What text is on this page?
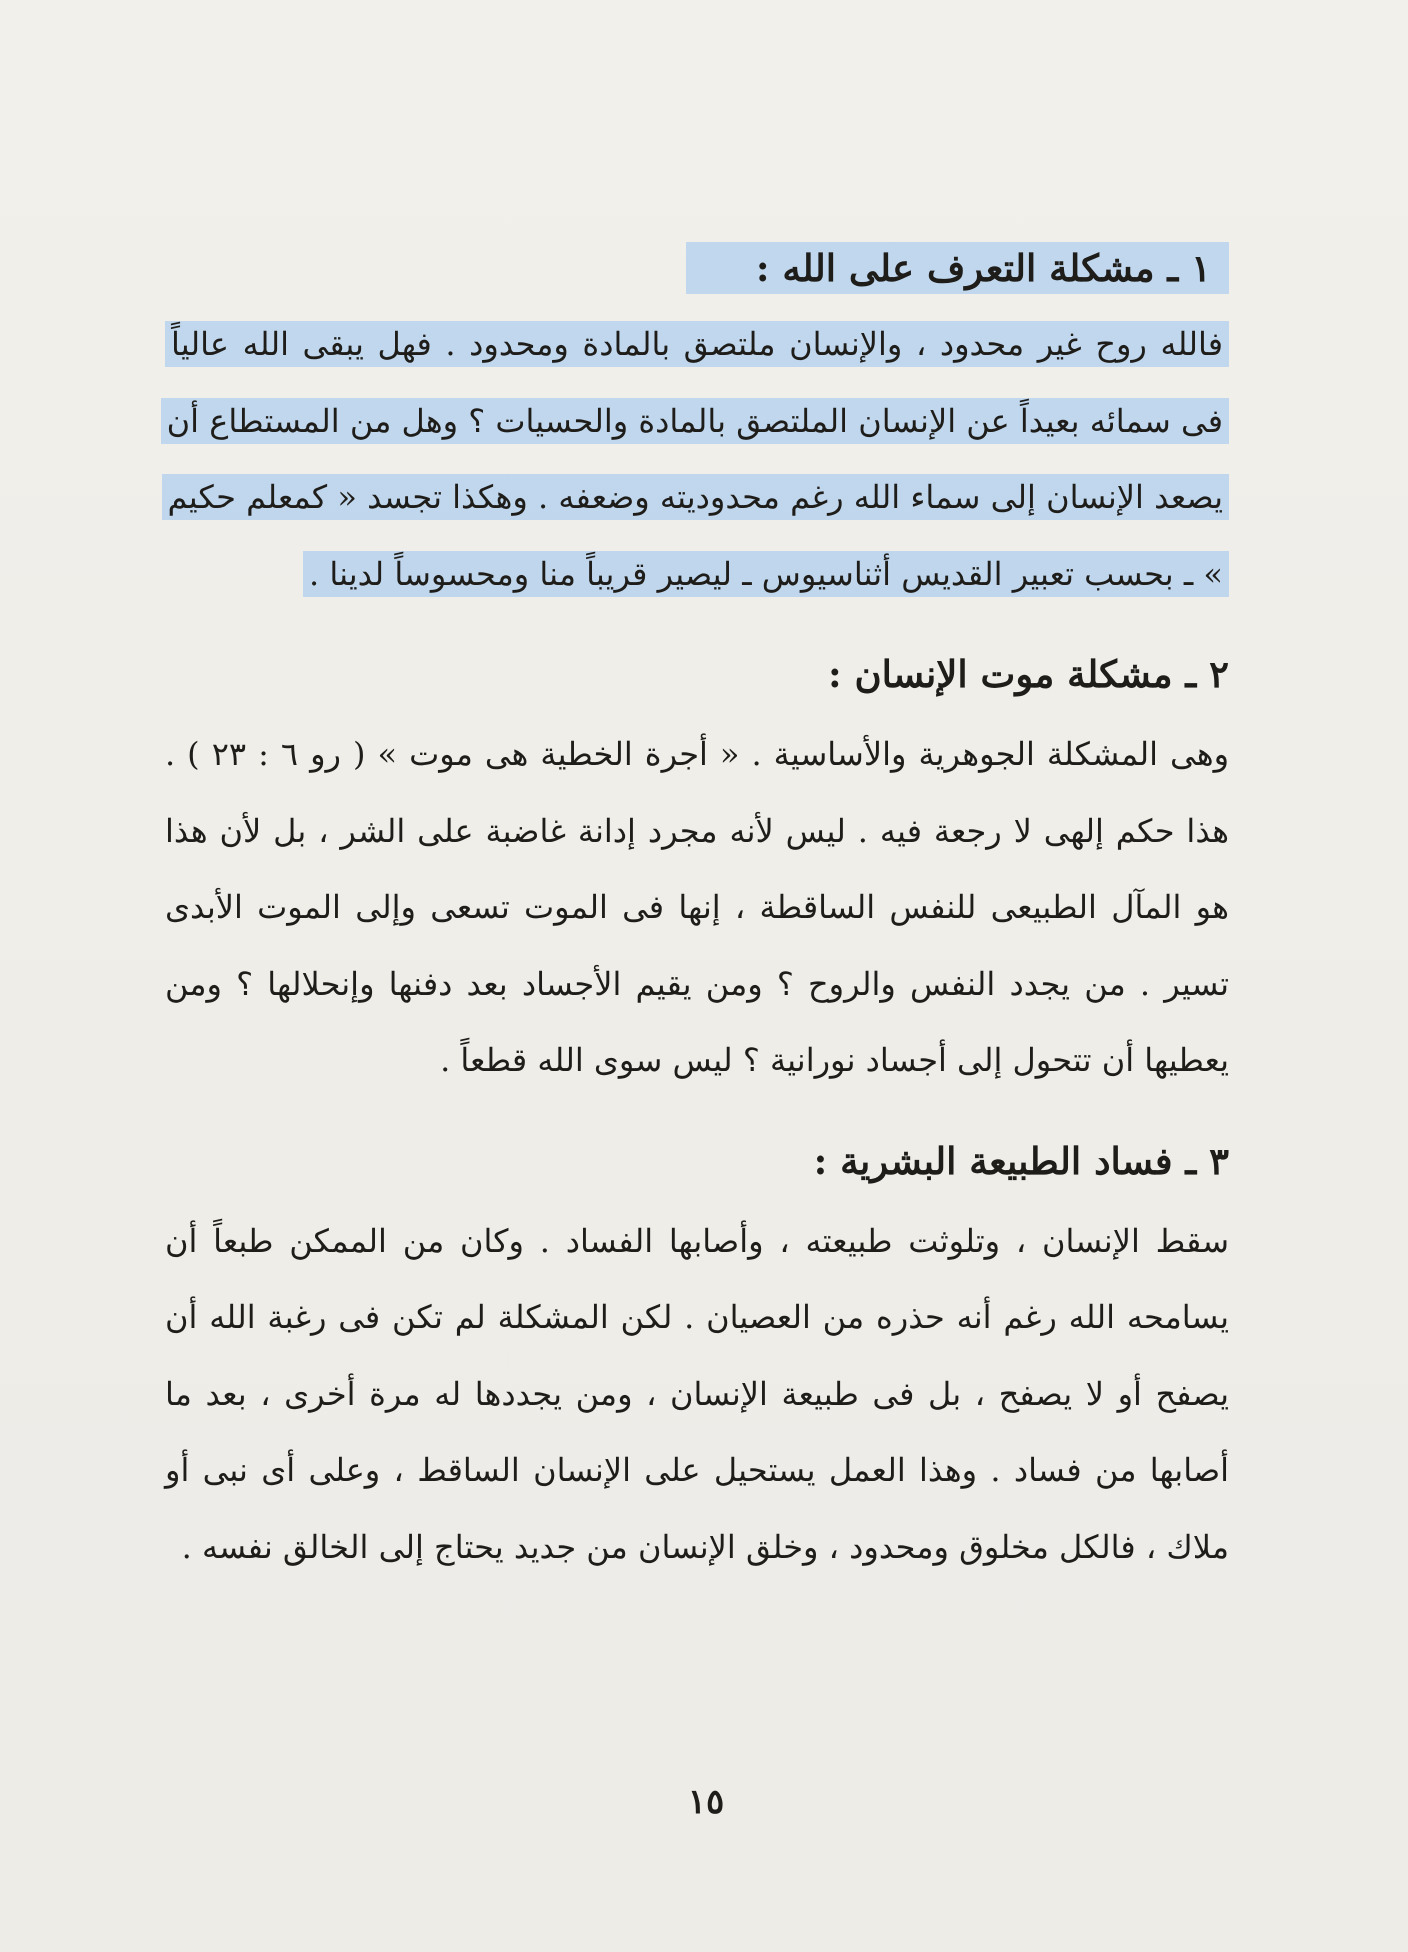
١ ـ مشكلة التعرف على الله :

فالله روح غير محدود ، والإنسان ملتصق بالمادة ومحدود . فهل يبقى الله عالياً فى سمائه بعيداً عن الإنسان الملتصق بالمادة والحسيات ؟ وهل من المستطاع أن يصعد الإنسان إلى سماء الله رغم محدوديته وضعفه . وهكذا تجسد « كمعلم حكيم » ـ بحسب تعبير القديس أثناسيوس ـ ليصير قريباً منا ومحسوساً لدينا .

٢ ـ مشكلة موت الإنسان :

وهى المشكلة الجوهرية والأساسية . « أجرة الخطية هى موت » ( رو ٦ : ٢٣ ) . هذا حكم إلهى لا رجعة فيه . ليس لأنه مجرد إدانة غاضبة على الشر ، بل لأن هذا هو المآل الطبيعى للنفس الساقطة ، إنها فى الموت تسعى وإلى الموت الأبدى تسير . من يجدد النفس والروح ؟ ومن يقيم الأجساد بعد دفنها وإنحلالها ؟ ومن يعطيها أن تتحول إلى أجساد نورانية ؟ ليس سوى الله قطعاً .

٣ ـ فساد الطبيعة البشرية :

سقط الإنسان ، وتلوثت طبيعته ، وأصابها الفساد . وكان من الممكن طبعاً أن يسامحه الله رغم أنه حذره من العصيان . لكن المشكلة لم تكن فى رغبة الله أن يصفح أو لا يصفح ، بل فى طبيعة الإنسان ، ومن يجددها له مرة أخرى ، بعد ما أصابها من فساد . وهذا العمل يستحيل على الإنسان الساقط ، وعلى أى نبى أو ملاك ، فالكل مخلوق ومحدود ، وخلق الإنسان من جديد يحتاج إلى الخالق نفسه .

١٥
